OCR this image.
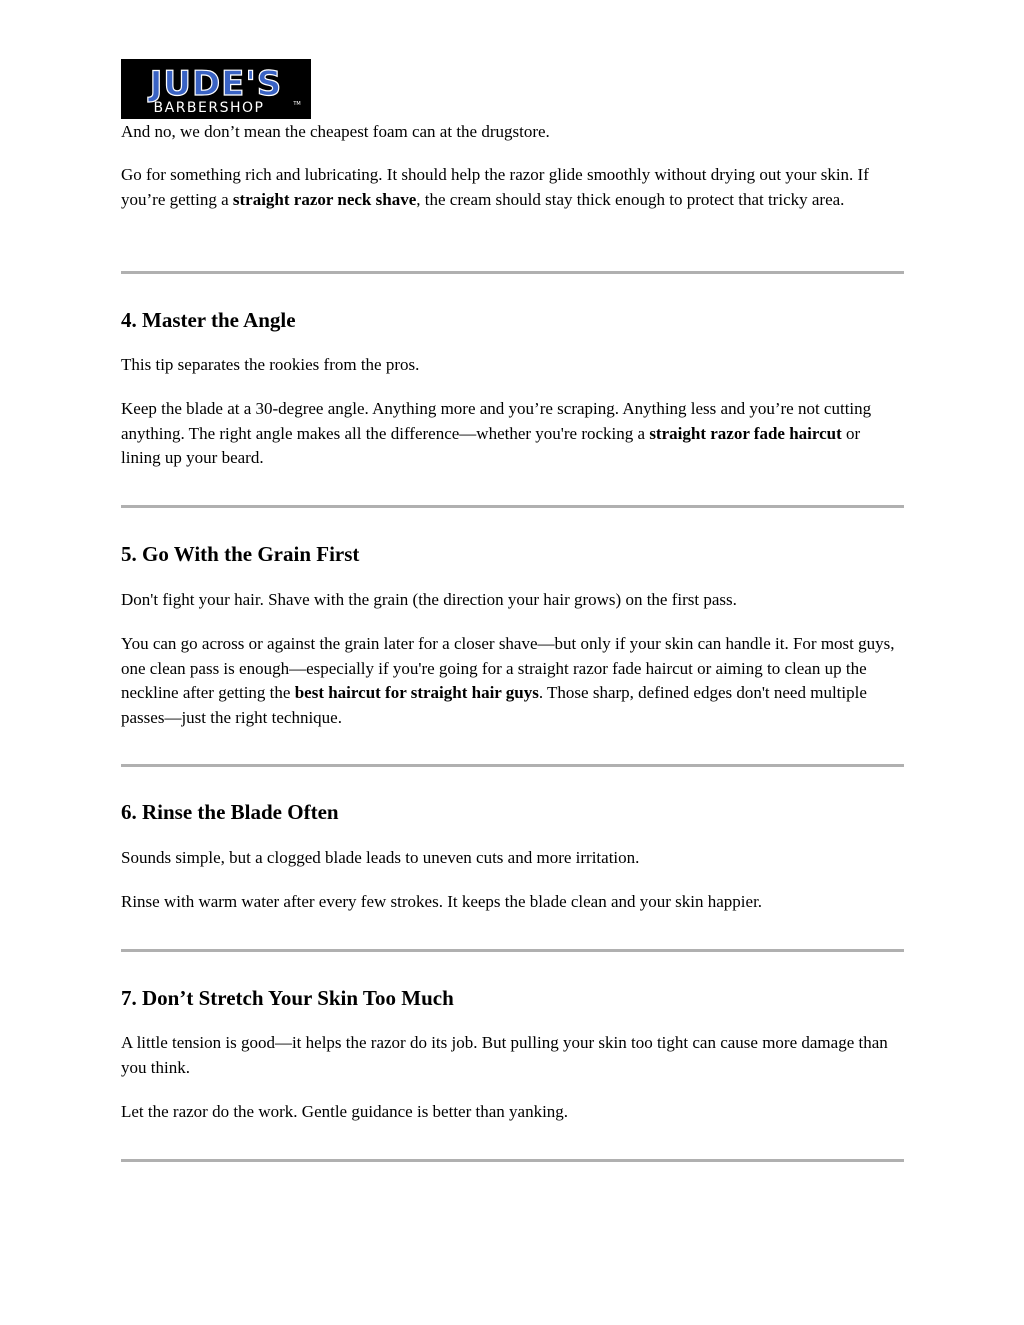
JUDE'S
BARBERSHOP	TM

And no, we don’t mean the cheapest foam can at the drugstore.

Go for something rich and lubricating. It should help the razor glide smoothly without drying out your skin. If you’re getting a straight razor neck shave, the cream should stay thick enough to protect that tricky area.

4. Master the Angle

This tip separates the rookies from the pros.

Keep the blade at a 30-degree angle. Anything more and you’re scraping. Anything less and you’re not cutting anything. The right angle makes all the difference—whether you're rocking a straight razor fade haircut or lining up your beard.

5. Go With the Grain First

Don't fight your hair. Shave with the grain (the direction your hair grows) on the first pass.

You can go across or against the grain later for a closer shave—but only if your skin can handle it. For most guys, one clean pass is enough—especially if you're going for a straight razor fade haircut or aiming to clean up the neckline after getting the best haircut for straight hair guys. Those sharp, defined edges don't need multiple passes—just the right technique.

6. Rinse the Blade Often

Sounds simple, but a clogged blade leads to uneven cuts and more irritation.

Rinse with warm water after every few strokes. It keeps the blade clean and your skin happier.

7. Don’t Stretch Your Skin Too Much

A little tension is good—it helps the razor do its job. But pulling your skin too tight can cause more damage than you think.

Let the razor do the work. Gentle guidance is better than yanking.
